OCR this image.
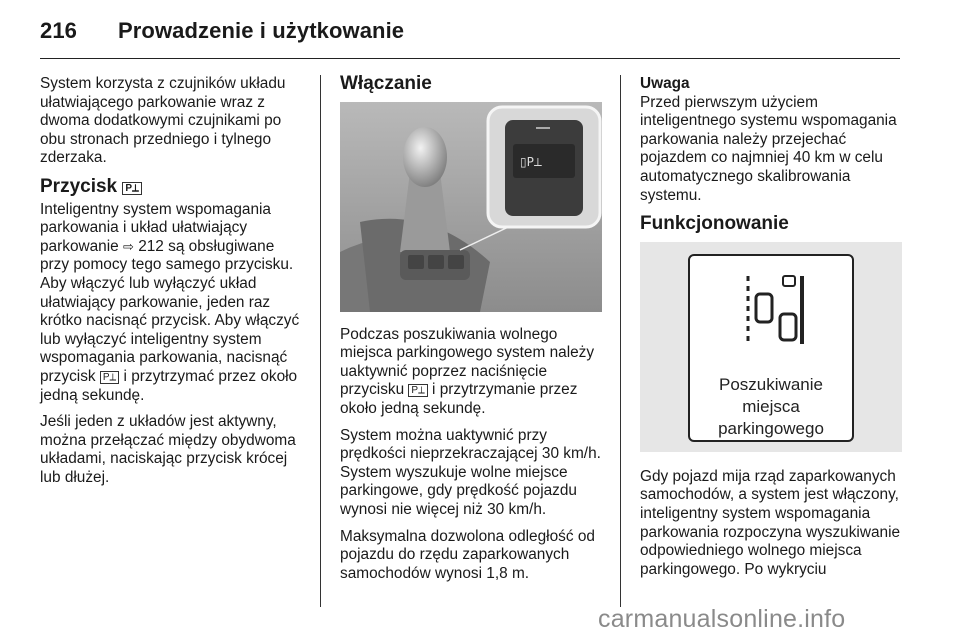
216 Prowadzenie i użytkowanie

System korzysta z czujników układu ułatwiającego parkowanie wraz z dwoma dodatkowymi czujnikami po obu stronach przedniego i tylnego zderzaka.

Przycisk P⟂

Inteligentny system wspomagania parkowania i układ ułatwiający parkowanie ⇨ 212 są obsługiwane przy pomocy tego samego przycisku. Aby włączyć lub wyłączyć układ ułatwiający parkowanie, jeden raz krótko nacisnąć przycisk. Aby włączyć lub wyłączyć inteligentny system wspomagania parkowania, nacisnąć przycisk P⟂ i przytrzymać przez około jedną sekundę.

Jeśli jeden z układów jest aktywny, można przełączać między obydwoma układami, naciskając przycisk krócej lub dłużej.

Włączanie
▯P⟂

Podczas poszukiwania wolnego miejsca parkingowego system należy uaktywnić poprzez naciśnięcie przycisku P⟂ i przytrzymanie przez około jedną sekundę.

System można uaktywnić przy prędkości nieprzekraczającej 30 km/h. System wyszukuje wolne miejsce parkingowe, gdy prędkość pojazdu wynosi nie więcej niż 30 km/h.

Maksymalna dozwolona odległość od pojazdu do rzędu zaparkowanych samochodów wynosi 1,8 m.

Uwaga

Przed pierwszym użyciem inteligentnego systemu wspomagania parkowania należy przejechać pojazdem co najmniej 40 km w celu automatycznego skalibrowania systemu.

Funkcjonowanie
Poszukiwanie
miejsca
parkingowego

Gdy pojazd mija rząd zaparkowanych samochodów, a system jest włączony, inteligentny system wspomagania parkowania rozpoczyna wyszukiwanie odpowiedniego wolnego miejsca parkingowego. Po wykryciu

carmanualsonline.info
